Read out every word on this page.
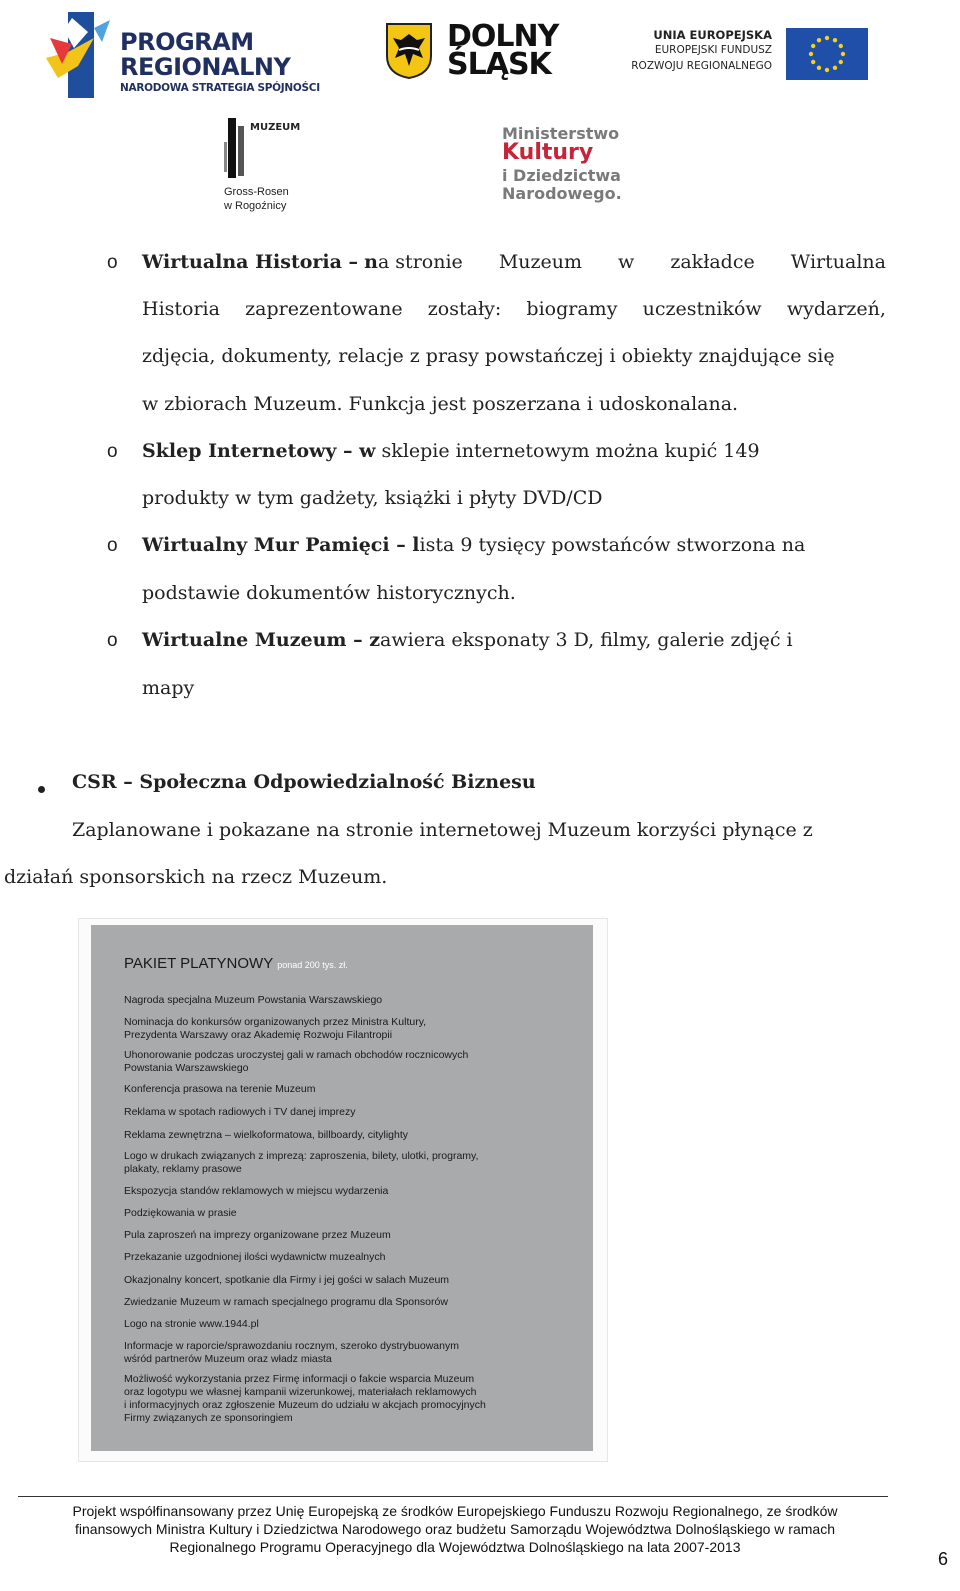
PROGRAM
REGIONALNY
NARODOWA STRATEGIA SPÓJNOŚCI
DOLNY
ŚLĄSK
UNIA EUROPEJSKA
EUROPEJSKI FUNDUSZ
ROZWOJU REGIONALNEGO
MUZEUM
Gross-Rosen
w Rogoźnicy
Ministerstwo
Kultury
i Dziedzictwa
Narodowego.
o Wirtualna Historia – na stronie Muzeum w zakładce Wirtualna
Historia zaprezentowane zostały: biogramy uczestników wydarzeń,
zdjęcia, dokumenty, relacje z prasy powstańczej i obiekty znajdujące się
w zbiorach Muzeum. Funkcja jest poszerzana i udoskonalana.
o Sklep Internetowy – w sklepie internetowym można kupić 149
produkty w tym gadżety, książki i płyty DVD/CD
o Wirtualny Mur Pamięci – lista 9 tysięcy powstańców stworzona na
podstawie dokumentów historycznych.
o Wirtualne Muzeum – zawiera eksponaty 3 D, filmy, galerie zdjęć i
mapy
CSR – Społeczna Odpowiedzialność Biznesu
Zaplanowane i pokazane na stronie internetowej Muzeum korzyści płynące z
działań sponsorskich na rzecz Muzeum.
PAKIET PLATYNOWY ponad 200 tys. zł.
Nagroda specjalna Muzeum Powstania Warszawskiego
Nominacja do konkursów organizowanych przez Ministra Kultury,
Prezydenta Warszawy oraz Akademię Rozwoju Filantropii
Uhonorowanie podczas uroczystej gali w ramach obchodów rocznicowych
Powstania Warszawskiego
Konferencja prasowa na terenie Muzeum
Reklama w spotach radiowych i TV danej imprezy
Reklama zewnętrzna – wielkoformatowa, billboardy, citylighty
Logo w drukach związanych z imprezą: zaproszenia, bilety, ulotki, programy,
plakaty, reklamy prasowe
Ekspozycja standów reklamowych w miejscu wydarzenia
Podziękowania w prasie
Pula zaproszeń na imprezy organizowane przez Muzeum
Przekazanie uzgodnionej ilości wydawnictw muzealnych
Okazjonalny koncert, spotkanie dla Firmy i jej gości w salach Muzeum
Zwiedzanie Muzeum w ramach specjalnego programu dla Sponsorów
Logo na stronie www.1944.pl
Informacje w raporcie/sprawozdaniu rocznym, szeroko dystrybuowanym
wśród partnerów Muzeum oraz władz miasta
Możliwość wykorzystania przez Firmę informacji o fakcie wsparcia Muzeum
oraz logotypu we własnej kampanii wizerunkowej, materiałach reklamowych
i informacyjnych oraz zgłoszenie Muzeum do udziału w akcjach promocyjnych
Firmy związanych ze sponsoringiem
Projekt współfinansowany przez Unię Europejską ze środków Europejskiego Funduszu Rozwoju Regionalnego, ze środków
finansowych Ministra Kultury i Dziedzictwa Narodowego oraz budżetu Samorządu Województwa Dolnośląskiego w ramach
Regionalnego Programu Operacyjnego dla Województwa Dolnośląskiego na lata 2007-2013
6
